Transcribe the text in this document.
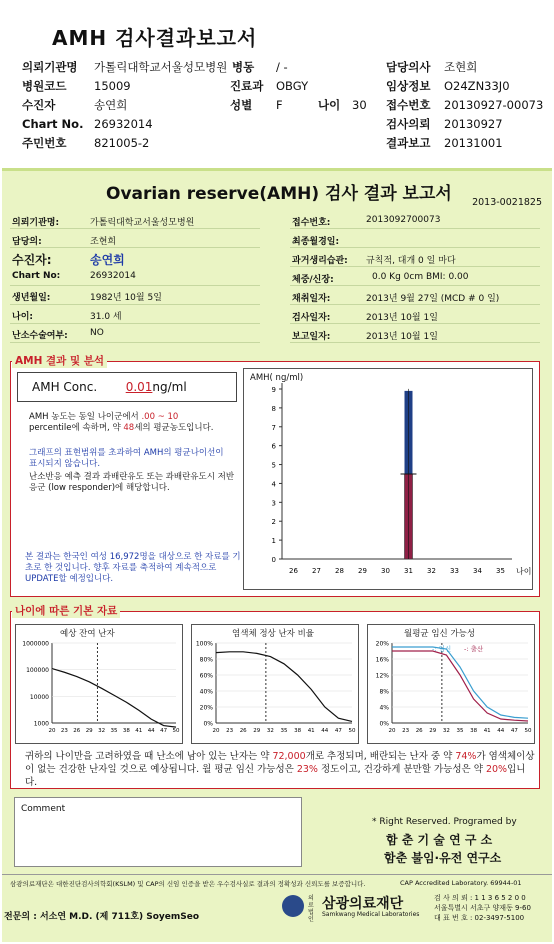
AMH 검사결과보고서
의뢰기관명 가톨릭대학교서울성모병원 병동 / -	담당의사 조현희
병원코드 15009	진료과 OBGY	임상정보 O24ZN33J0
수진자	송연희	성별 F	나이 30 접수번호 20130927-00073
Chart No. 26932014	검사의뢰 20130927
주민번호 821005-2	결과보고 20131001
Ovarian reserve(AMH) 검사 결과 보고서 2013-0021825
의뢰기관명:	가톨릭대학교서울성모병원
담당의:	조현희
수진자:	송연희
Chart No:	26932014
생년월일:	1982년 10월 5일
나이:	31.0 세
난소수술여부: NO
접수번호:	2013092700073
최종월경일:
과거생리습관: 규칙적, 대개 0 일 마다
체중/신장:	0.0 Kg 0cm BMI: 0.00
채취일자:	2013년 9월 27일 (MCD # 0 일)
검사일자:	2013년 10월 1일
보고일자:	2013년 10월 1일
AMH Conc. 0.01ng/ml
AMH 농도는 동일 나이군에서 .00 ~ 10
percentile에 속하며, 약 48세의 평균농도입니다.
그래프의 표현범위를 초과하여 AMH의 평균나이선이 표시되지 않습니다.
난소반응 예측 결과 과배란유도 또는 과배란유도시 저반응군 (low responder)에 해당합니다.
본 결과는 한국인 여성 16,972명을 대상으로 한 자료를 기초로 한 것입니다. 향후 자료를 축적하여 계속적으로 UPDATE할 예정입니다.
AMH( ng/ml)
0
1
2
3
4
5
6
7
8
9
26 27 28 29 30 31 32 33 34 35 나이
AMH 결과 및 분석
예상 잔여 난자
1000000
100000
10000
1000
20 23 26 29 32 35 38 41 44 47 50
염색체 정상 난자 비율
100%
80%
60%
40%
20%
0%
20 23 26 29 32 35 38 41 44 47 50
월평균 임신 가능성
20%
16%
12%
8%
4%
0%
20 23 26 29 32 35 38 41 44 47 50
-: 임신 -: 출산
귀하의 나이만을 고려하였을 때 난소에 남아 있는 난자는 약 72,000개로 추정되며, 배란되는 난자 중 약 74%가 염색체이상이 없는 건강한 난자일 것으로 예상됩니다. 월 평균 임신 가능성은 23% 정도이고, 건강하게 분만할 가능성은 약 20%입니다.
나이에 따른 기본 자료
Comment
* Right Reserved. Programed by
함 춘 기 술 연 구 소
함춘 불임·유전 연구소
삼광의료재단은 대한진단검사의학회(KSLM) 및 CAP의 신임 인증을 받은 우수검사실로 결과의 정확성과 신뢰도를 보증합니다.	CAP Accredited Laboratory. 69944-01
전문의 : 서소연 M.D. (제 711호) SoyemSeo
의료법인
삼광의료재단
Samkwang Medical Laboratories
검 사 의 뢰 : 1 1 3 6 5 2 0 0
서울특별시 서초구 양재동 9-60
대 표 번 호 : 02-3497-5100
